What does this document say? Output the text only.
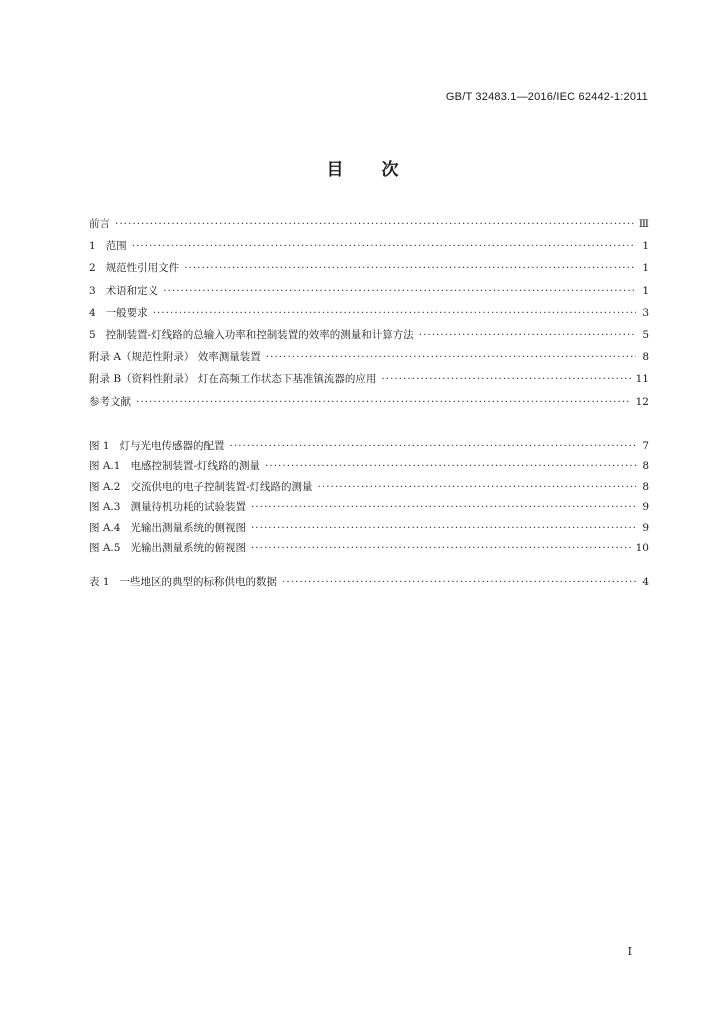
GB/T 32483.1—2016/IEC 62442-1:2011
目 次
前言 ·····	Ⅲ
1 范围 ·····	1
2 规范性引用文件 ·····	1
3 术语和定义 ·····	1
4 一般要求 ·····	3
5 控制装置-灯线路的总输入功率和控制装置的效率的测量和计算方法 ·····	5
附录 A（规范性附录） 效率测量装置 ·····	8
附录 B（资料性附录） 灯在高频工作状态下基准镇流器的应用 ·····	11
参考文献 ·····	12
图 1 灯与光电传感器的配置 ·····	7
图 A.1 电感控制装置-灯线路的测量 ·····	8
图 A.2 交流供电的电子控制装置-灯线路的测量 ·····	8
图 A.3 测量待机功耗的试验装置 ·····	9
图 A.4 光输出测量系统的侧视图 ·····	9
图 A.5 光输出测量系统的俯视图 ·····	10
表 1 一些地区的典型的标称供电的数据 ·····	4
I
